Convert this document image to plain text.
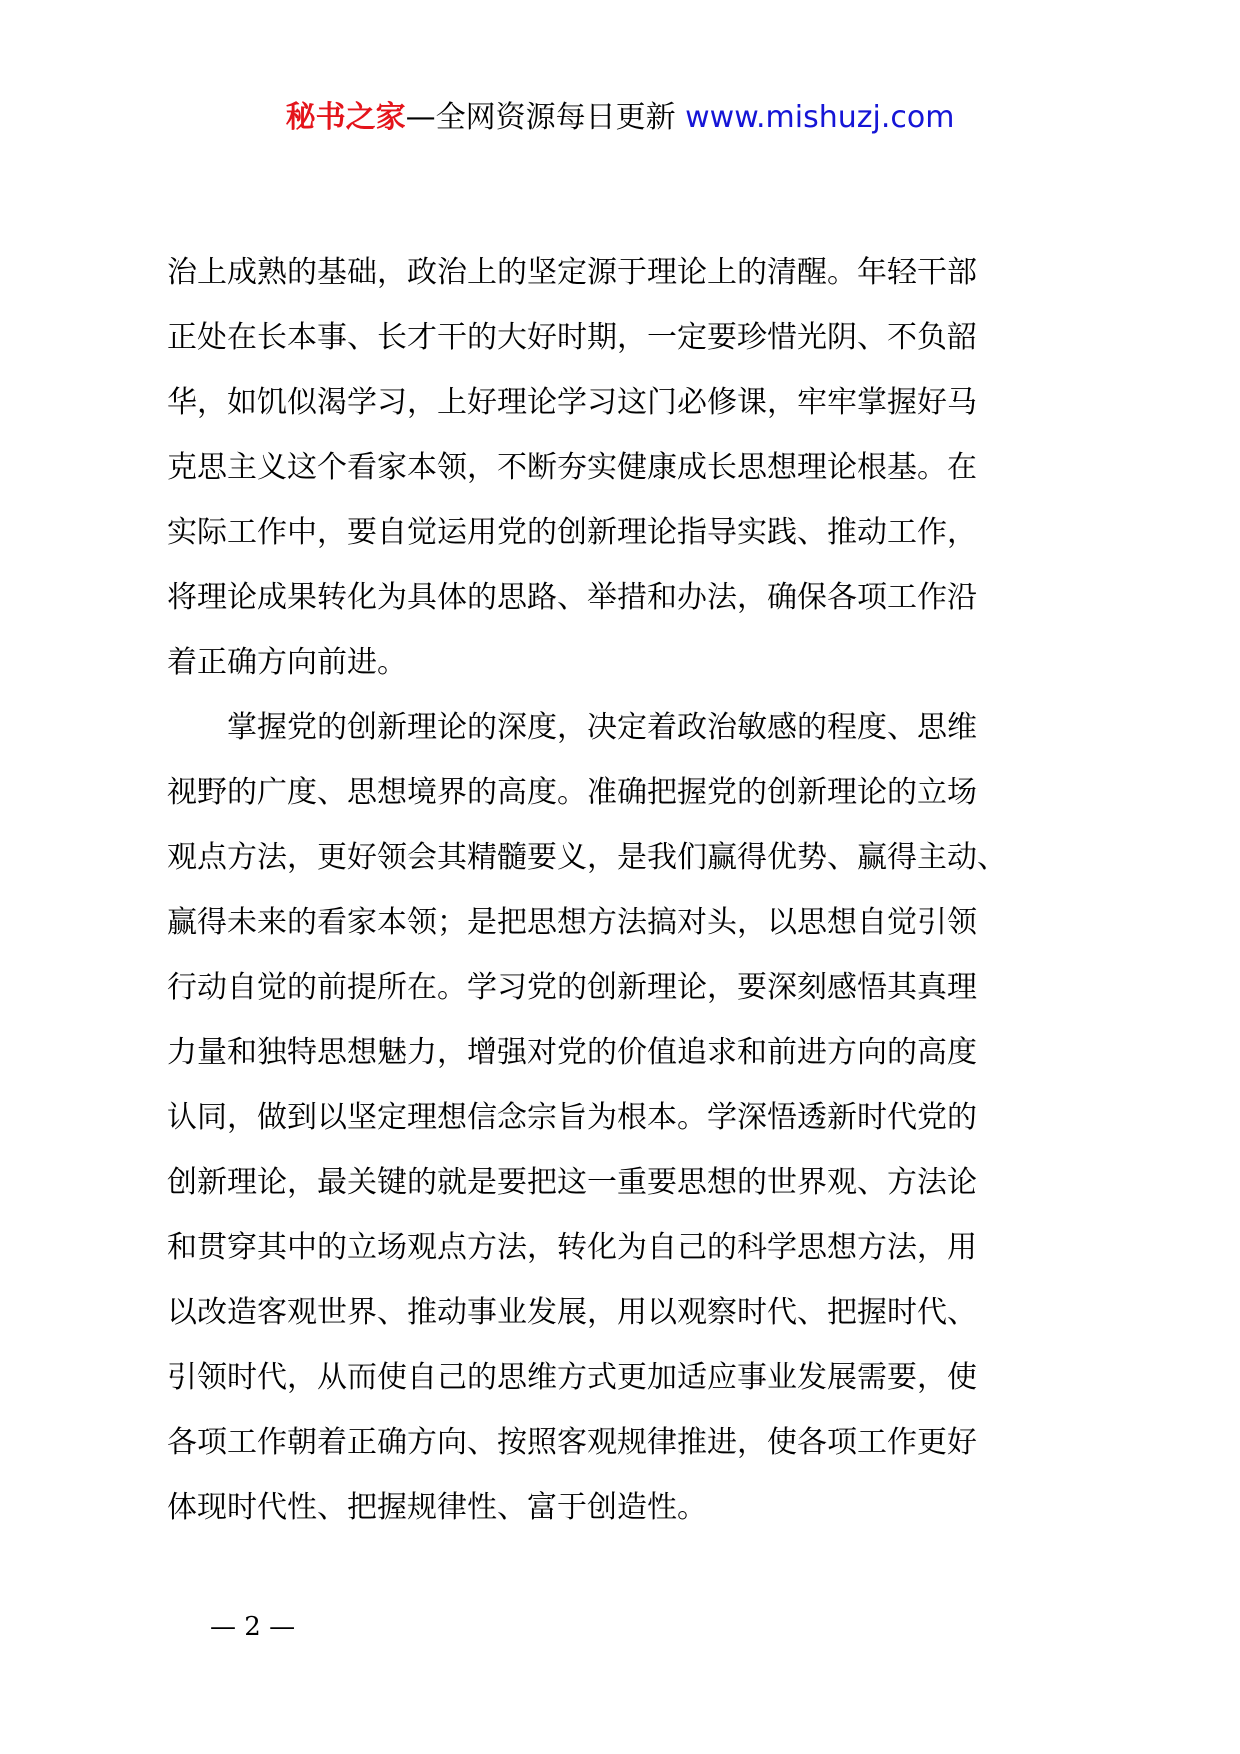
秘书之家—全网资源每日更新 www.mishuzj.com

治上成熟的基础，政治上的坚定源于理论上的清醒。年轻干部
正处在长本事、长才干的大好时期，一定要珍惜光阴、不负韶
华，如饥似渴学习，上好理论学习这门必修课，牢牢掌握好马
克思主义这个看家本领，不断夯实健康成长思想理论根基。在
实际工作中，要自觉运用党的创新理论指导实践、推动工作，
将理论成果转化为具体的思路、举措和办法，确保各项工作沿
着正确方向前进。

　　掌握党的创新理论的深度，决定着政治敏感的程度、思维
视野的广度、思想境界的高度。准确把握党的创新理论的立场
观点方法，更好领会其精髓要义，是我们赢得优势、赢得主动、
赢得未来的看家本领；是把思想方法搞对头，以思想自觉引领
行动自觉的前提所在。学习党的创新理论，要深刻感悟其真理
力量和独特思想魅力，增强对党的价值追求和前进方向的高度
认同，做到以坚定理想信念宗旨为根本。学深悟透新时代党的
创新理论，最关键的就是要把这一重要思想的世界观、方法论
和贯穿其中的立场观点方法，转化为自己的科学思想方法，用
以改造客观世界、推动事业发展，用以观察时代、把握时代、
引领时代，从而使自己的思维方式更加适应事业发展需要，使
各项工作朝着正确方向、按照客观规律推进，使各项工作更好
体现时代性、把握规律性、富于创造性。

— 2 —
